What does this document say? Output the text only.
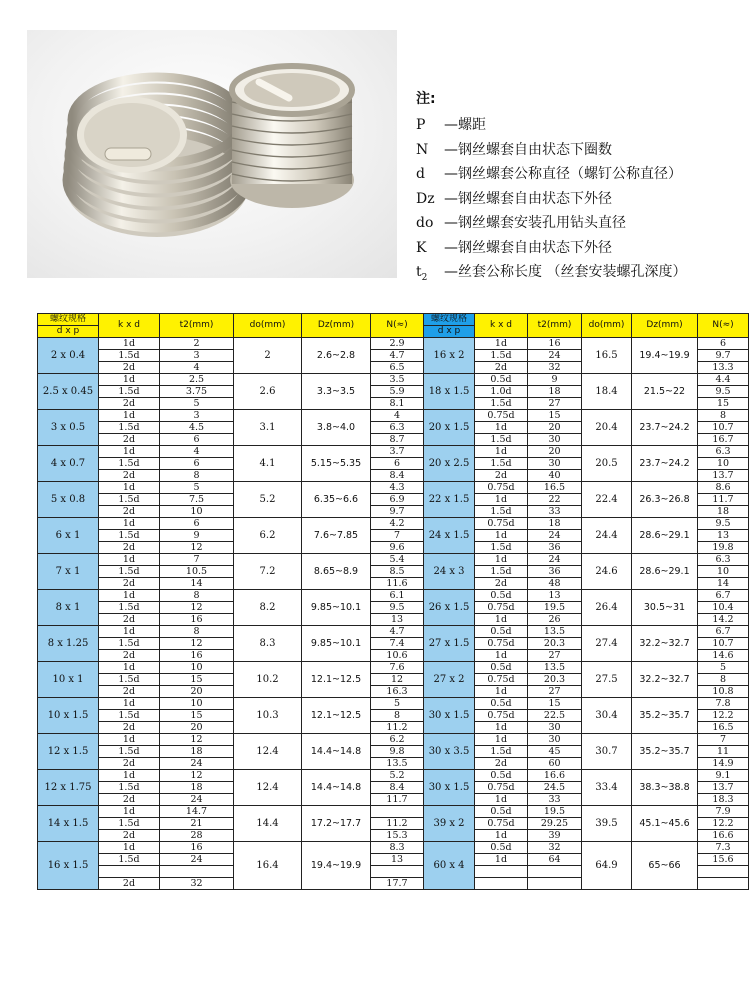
注:
P —螺距
N —钢丝螺套自由状态下圈数
d —钢丝螺套公称直径（螺钉公称直径）
Dz —钢丝螺套自由状态下外径
do —钢丝螺套安装孔用钻头直径
K —钢丝螺套自由状态下外径
$t_2$ —丝套公称长度 （丝套安装螺孔深度）
螺纹规格	k x d	t2(mm)	do(mm)	Dz(mm)	N(≈)	螺纹规格	k x d	t2(mm)	do(mm)	Dz(mm)	N(≈)
d x p						d x p					
2 x 0.4	1d	2	2	2.6~2.8	2.9	16 x 2	1d	16	16.5	19.4~19.9	6
	1.5d	3			4.7		1.5d	24			9.7
	2d	4			6.5		2d	32			13.3
2.5 x 0.45	1d	2.5	2.6	3.3~3.5	3.5	18 x 1.5	0.5d	9	18.4	21.5~22	4.4
	1.5d	3.75			5.9		1.0d	18			9.5
	2d	5			8.1		1.5d	27			15
3 x 0.5	1d	3	3.1	3.8~4.0	4	20 x 1.5	0.75d	15	20.4	23.7~24.2	8
	1.5d	4.5			6.3		1d	20			10.7
	2d	6			8.7		1.5d	30			16.7
4 x 0.7	1d	4	4.1	5.15~5.35	3.7	20 x 2.5	1d	20	20.5	23.7~24.2	6.3
	1.5d	6			6		1.5d	30			10
	2d	8			8.4		2d	40			13.7
5 x 0.8	1d	5	5.2	6.35~6.6	4.3	22 x 1.5	0.75d	16.5	22.4	26.3~26.8	8.6
	1.5d	7.5			6.9		1d	22			11.7
	2d	10			9.7		1.5d	33			18
6 x 1	1d	6	6.2	7.6~7.85	4.2	24 x 1.5	0.75d	18	24.4	28.6~29.1	9.5
	1.5d	9			7		1d	24			13
	2d	12			9.6		1.5d	36			19.8
7 x 1	1d	7	7.2	8.65~8.9	5.4	24 x 3	1d	24	24.6	28.6~29.1	6.3
	1.5d	10.5			8.5		1.5d	36			10
	2d	14			11.6		2d	48			14
8 x 1	1d	8	8.2	9.85~10.1	6.1	26 x 1.5	0.5d	13	26.4	30.5~31	6.7
	1.5d	12			9.5		0.75d	19.5			10.4
	2d	16			13		1d	26			14.2
8 x 1.25	1d	8	8.3	9.85~10.1	4.7	27 x 1.5	0.5d	13.5	27.4	32.2~32.7	6.7
	1.5d	12			7.4		0.75d	20.3			10.7
	2d	16			10.6		1d	27			14.6
10 x 1	1d	10	10.2	12.1~12.5	7.6	27 x 2	0.5d	13.5	27.5	32.2~32.7	5
	1.5d	15			12		0.75d	20.3			8
	2d	20			16.3		1d	27			10.8
10 x 1.5	1d	10	10.3	12.1~12.5	5	30 x 1.5	0.5d	15	30.4	35.2~35.7	7.8
	1.5d	15			8		0.75d	22.5			12.2
	2d	20			11.2		1d	30			16.5
12 x 1.5	1d	12	12.4	14.4~14.8	6.2	30 x 3.5	1d	30	30.7	35.2~35.7	7
	1.5d	18			9.8		1.5d	45			11
	2d	24			13.5		2d	60			14.9
12 x 1.75	1d	12	12.4	14.4~14.8	5.2	30 x 1.5	0.5d	16.6	33.4	38.3~38.8	9.1
	1.5d	18			8.4		0.75d	24.5			13.7
	2d	24			11.7		1d	33			18.3
14 x 1.5	1d	14.7	14.4	17.2~17.7		39 x 2	0.5d	19.5	39.5	45.1~45.6	7.9
	1.5d	21			11.2		0.75d	29.25			12.2
	2d	28			15.3		1d	39			16.6
16 x 1.5	1d	16	16.4	19.4~19.9	8.3	60 x 4	0.5d	32	64.9	65~66	7.3
	1.5d	24			13		1d	64			15.6

	2d	32			17.7						
